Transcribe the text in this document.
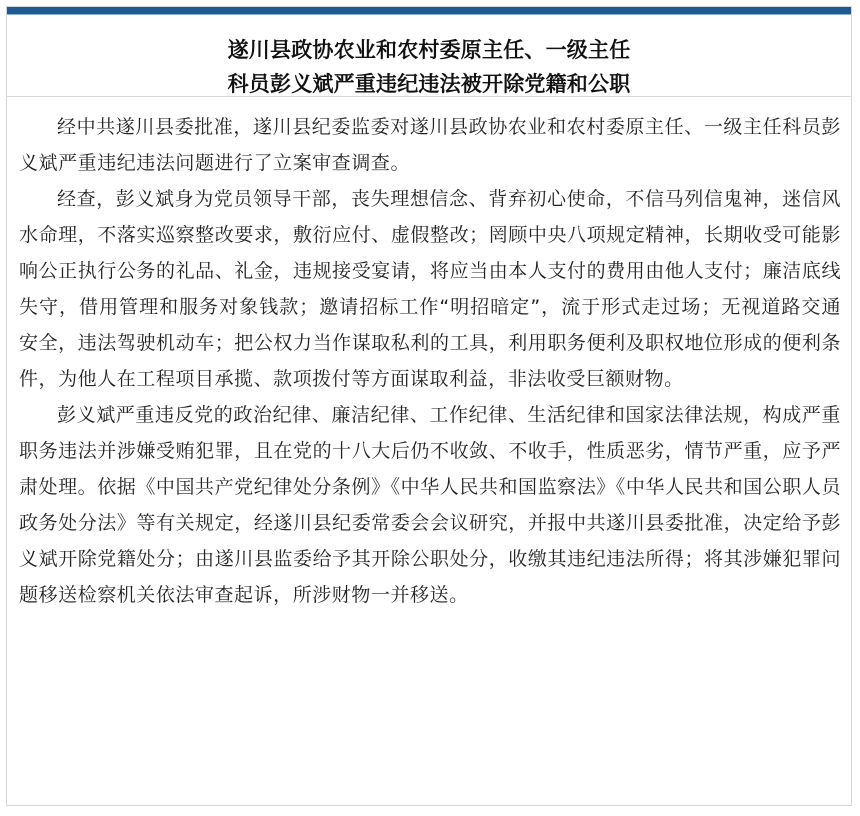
遂川县政协农业和农村委原主任、一级主任

科员彭义斌严重违纪违法被开除党籍和公职

经中共遂川县委批准，遂川县纪委监委对遂川县政协农业和农村委原主任、一级主任科员彭义斌严重违纪违法问题进行了立案审查调查。

经查，彭义斌身为党员领导干部，丧失理想信念、背弃初心使命，不信马列信鬼神，迷信风水命理，不落实巡察整改要求，敷衍应付、虚假整改；罔顾中央八项规定精神，长期收受可能影响公正执行公务的礼品、礼金，违规接受宴请，将应当由本人支付的费用由他人支付；廉洁底线失守，借用管理和服务对象钱款；邀请招标工作“明招暗定”，流于形式走过场；无视道路交通安全，违法驾驶机动车；把公权力当作谋取私利的工具，利用职务便利及职权地位形成的便利条件，为他人在工程项目承揽、款项拨付等方面谋取利益，非法收受巨额财物。

彭义斌严重违反党的政治纪律、廉洁纪律、工作纪律、生活纪律和国家法律法规，构成严重职务违法并涉嫌受贿犯罪，且在党的十八大后仍不收敛、不收手，性质恶劣，情节严重，应予严肃处理。依据《中国共产党纪律处分条例》《中华人民共和国监察法》《中华人民共和国公职人员政务处分法》等有关规定，经遂川县纪委常委会会议研究，并报中共遂川县委批准，决定给予彭义斌开除党籍处分；由遂川县监委给予其开除公职处分，收缴其违纪违法所得；将其涉嫌犯罪问题移送检察机关依法审查起诉，所涉财物一并移送。
